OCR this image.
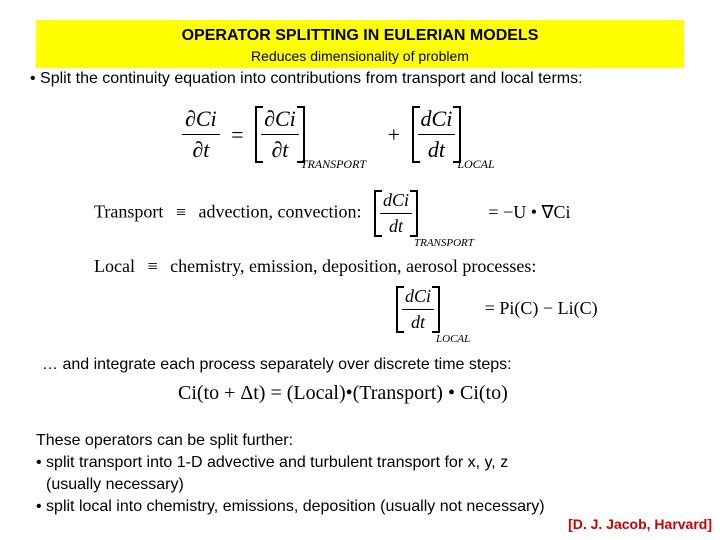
OPERATOR SPLITTING IN EULERIAN MODELS
Reduces dimensionality of problem
• Split the continuity equation into contributions from transport and local terms:
$\frac{\partial Ci}{\partial t} = \frac{\partial Ci}{\partial t}$
$_{TRANSPORT} + \frac{\text{dCi}}{dt}$
$_{LOCAL}$
Transport ≡ advection, convection: $\frac{\text{dCi}}{dt}$
$_{TRANSPORT}$ = −U • ∇Ci
Local ≡ chemistry, emission, deposition, aerosol processes:
$\frac{\text{dCi}}{dt}$
$_{LOCAL}$ = Pi(C) − Li(C)
… and integrate each process separately over discrete time steps:
Ci(to + Δt) = (Local)•(Transport) • Ci(to)
These operators can be split further:
• split transport into 1-D advective and turbulent transport for x, y, z
(usually necessary)
• split local into chemistry, emissions, deposition (usually not necessary)
[D. J. Jacob, Harvard]
